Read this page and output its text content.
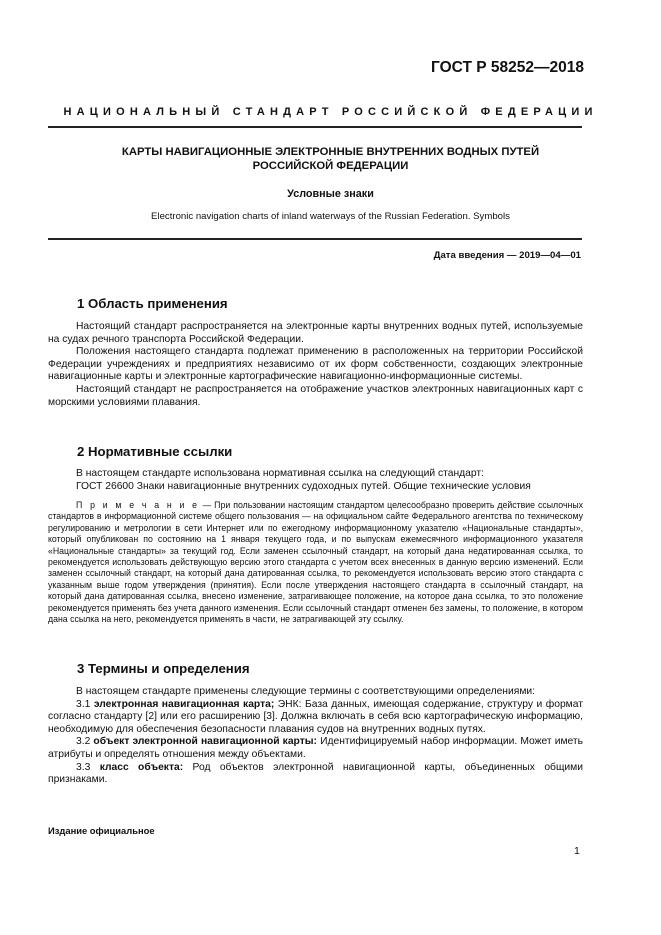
ГОСТ Р 58252—2018
НАЦИОНАЛЬНЫЙ СТАНДАРТ РОССИЙСКОЙ ФЕДЕРАЦИИ
КАРТЫ НАВИГАЦИОННЫЕ ЭЛЕКТРОННЫЕ ВНУТРЕННИХ ВОДНЫХ ПУТЕЙ
РОССИЙСКОЙ ФЕДЕРАЦИИ
Условные знаки
Electronic navigation charts of inland waterways of the Russian Federation. Symbols
Дата введения — 2019—04—01
1 Область применения
Настоящий стандарт распространяется на электронные карты внутренних водных путей, используемые на судах речного транспорта Российской Федерации.
Положения настоящего стандарта подлежат применению в расположенных на территории Российской Федерации учреждениях и предприятиях независимо от их форм собственности, создающих электронные навигационные карты и электронные картографические навигационно-информационные системы.
Настоящий стандарт не распространяется на отображение участков электронных навигационных карт с морскими условиями плавания.
2 Нормативные ссылки
В настоящем стандарте использована нормативная ссылка на следующий стандарт:
ГОСТ 26600 Знаки навигационные внутренних судоходных путей. Общие технические условия
П р и м е ч а н и е — При пользовании настоящим стандартом целесообразно проверить действие ссылочных стандартов в информационной системе общего пользования — на официальном сайте Федерального агентства по техническому регулированию и метрологии в сети Интернет или по ежегодному информационному указателю «Национальные стандарты», который опубликован по состоянию на 1 января текущего года, и по выпускам ежемесячного информационного указателя «Национальные стандарты» за текущий год. Если заменен ссылочный стандарт, на который дана недатированная ссылка, то рекомендуется использовать действующую версию этого стандарта с учетом всех внесенных в данную версию изменений. Если заменен ссылочный стандарт, на который дана датированная ссылка, то рекомендуется использовать версию этого стандарта с указанным выше годом утверждения (принятия). Если после утверждения настоящего стандарта в ссылочный стандарт, на который дана датированная ссылка, внесено изменение, затрагивающее положение, на которое дана ссылка, то это положение рекомендуется применять без учета данного изменения. Если ссылочный стандарт отменен без замены, то положение, в котором дана ссылка на него, рекомендуется применять в части, не затрагивающей эту ссылку.
3 Термины и определения
В настоящем стандарте применены следующие термины с соответствующими определениями:
3.1 электронная навигационная карта; ЭНК: База данных, имеющая содержание, структуру и формат согласно стандарту [2] или его расширению [3]. Должна включать в себя всю картографическую информацию, необходимую для обеспечения безопасности плавания судов на внутренних водных путях.
3.2 объект электронной навигационной карты: Идентифицируемый набор информации. Может иметь атрибуты и определять отношения между объектами.
3.3 класс объекта: Род объектов электронной навигационной карты, объединенных общими признаками.
Издание официальное
1
